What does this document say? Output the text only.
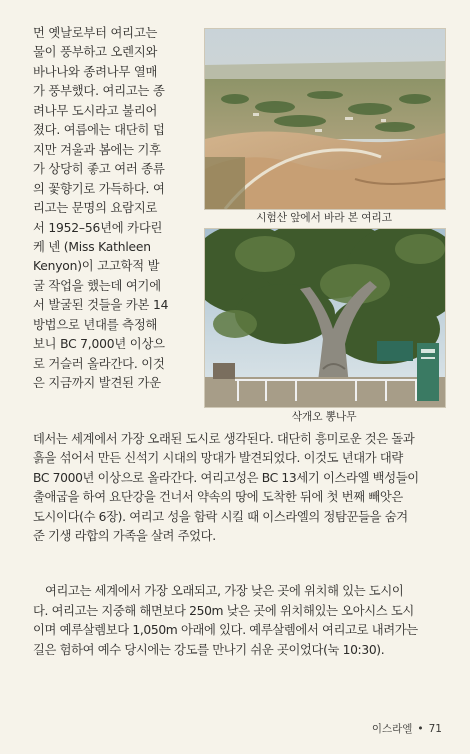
먼 옛날로부터 여리고는

물이 풍부하고 오렌지와

바나나와 종려나무 열매

가 풍부했다. 여리고는 종

려나무 도시라고 불리어

졌다. 여름에는 대단히 덥

지만 겨울과 봄에는 기후

가 상당히 좋고 여러 종류

의 꽃향기로 가득하다. 여

리고는 문명의 요람지로

서 1952–56년에 카다린

케 넨 (Miss Kathleen

Kenyon)이 고고학적 발

굴 작업을 했는데 여기에

서 발굴된 것들을 카본 14

방법으로 년대를 측정해

보니 BC 7,000년 이상으

로 거슬러 올라간다. 이것

은 지금까지 발견된 가운

시험산 앞에서 바라 본 여리고
삭개오 뽕나무

데서는 세계에서 가장 오래된 도시로 생각된다. 대단히 흥미로운 것은 돌과

흙을 섞어서 만든 신석기 시대의 망대가 발견되었다. 이것도 년대가 대략

BC 7000년 이상으로 올라간다. 여리고성은 BC 13세기 이스라엘 백성들이

출애굽을 하여 요단강을 건너서 약속의 땅에 도착한 뒤에 첫 번째 빼앗은

도시이다(수 6장). 여리고 성을 함락 시킬 때 이스라엘의 정탐꾼들을 숨겨

준 기생 라합의 가족을 살려 주었다.

여리고는 세계에서 가장 오래되고, 가장 낮은 곳에 위치해 있는 도시이

다. 여리고는 지중해 해면보다 250m 낮은 곳에 위치해있는 오아시스 도시

이며 예루살렘보다 1,050m 아래에 있다. 예루살렘에서 여리고로 내려가는

길은 험하여 예수 당시에는 강도를 만나기 쉬운 곳이었다(눅 10:30).

이스라엘 • 71
